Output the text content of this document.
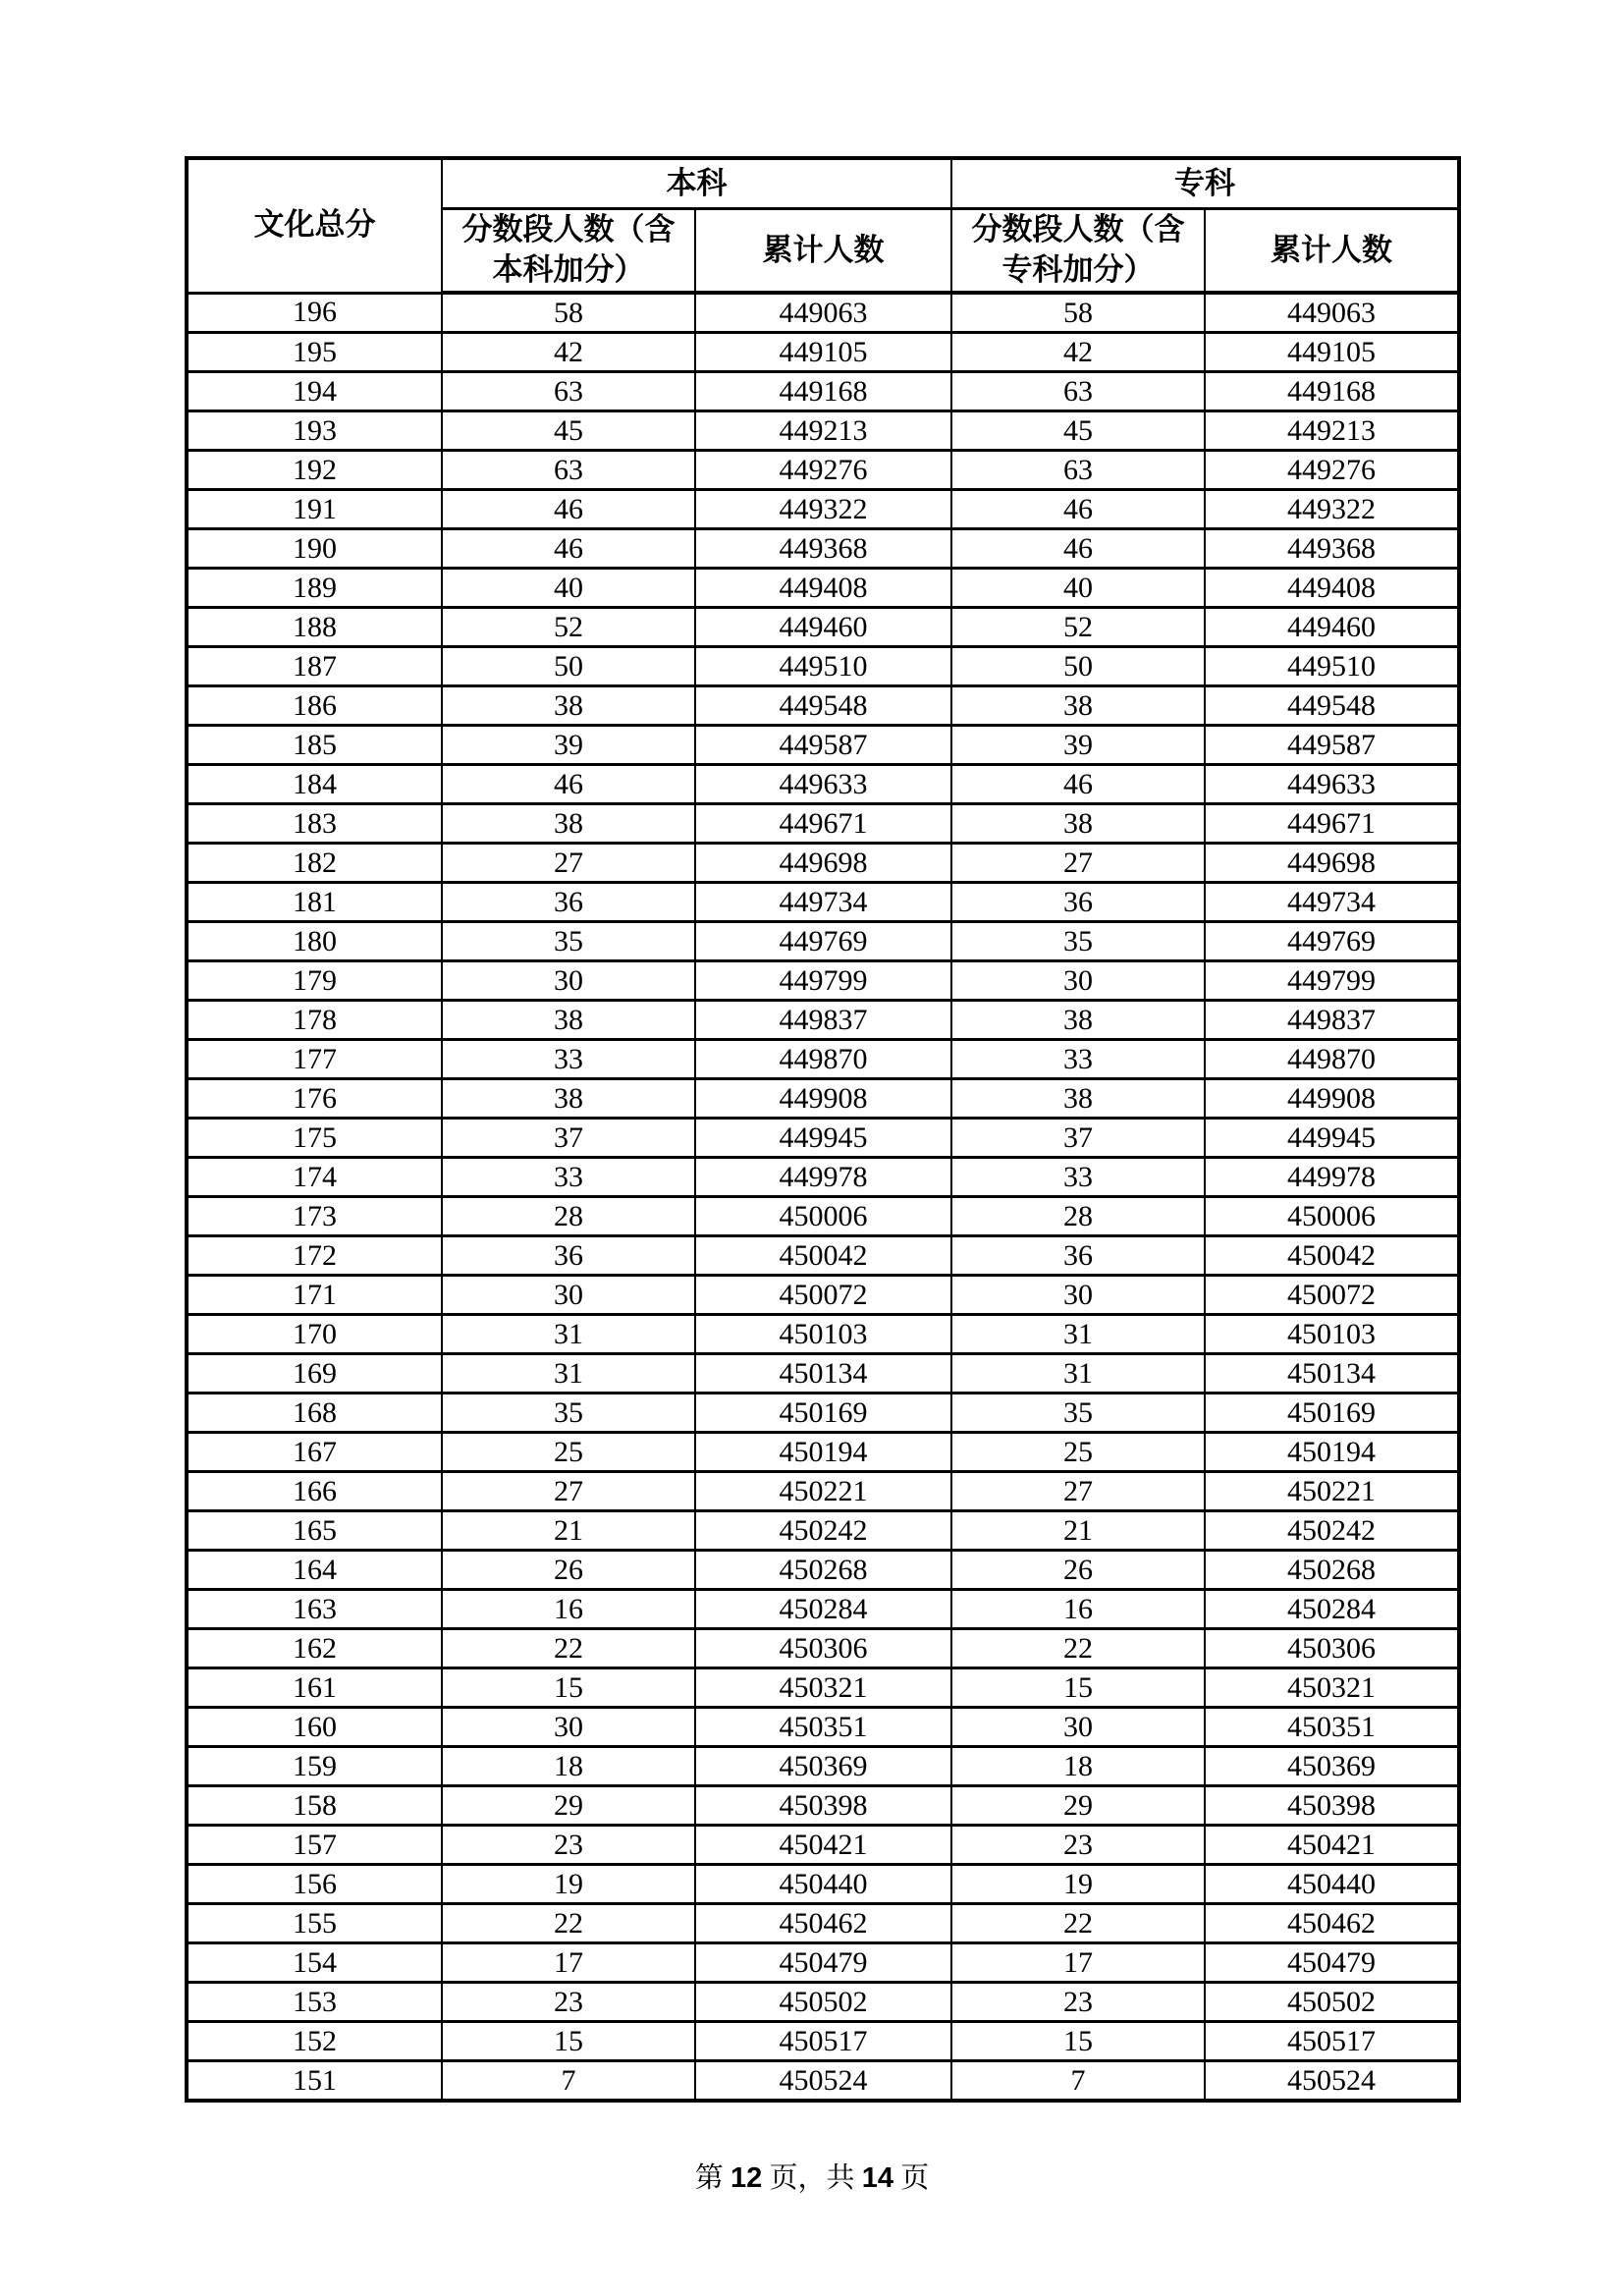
文化总分	本科		专科	
	分数段人数（含本科加分）	累计人数	分数段人数（含专科加分）	累计人数
196	58	449063	58	449063
195	42	449105	42	449105
194	63	449168	63	449168
193	45	449213	45	449213
192	63	449276	63	449276
191	46	449322	46	449322
190	46	449368	46	449368
189	40	449408	40	449408
188	52	449460	52	449460
187	50	449510	50	449510
186	38	449548	38	449548
185	39	449587	39	449587
184	46	449633	46	449633
183	38	449671	38	449671
182	27	449698	27	449698
181	36	449734	36	449734
180	35	449769	35	449769
179	30	449799	30	449799
178	38	449837	38	449837
177	33	449870	33	449870
176	38	449908	38	449908
175	37	449945	37	449945
174	33	449978	33	449978
173	28	450006	28	450006
172	36	450042	36	450042
171	30	450072	30	450072
170	31	450103	31	450103
169	31	450134	31	450134
168	35	450169	35	450169
167	25	450194	25	450194
166	27	450221	27	450221
165	21	450242	21	450242
164	26	450268	26	450268
163	16	450284	16	450284
162	22	450306	22	450306
161	15	450321	15	450321
160	30	450351	30	450351
159	18	450369	18	450369
158	29	450398	29	450398
157	23	450421	23	450421
156	19	450440	19	450440
155	22	450462	22	450462
154	17	450479	17	450479
153	23	450502	23	450502
152	15	450517	15	450517
151	7	450524	7	450524
第 12 页，共 14 页
